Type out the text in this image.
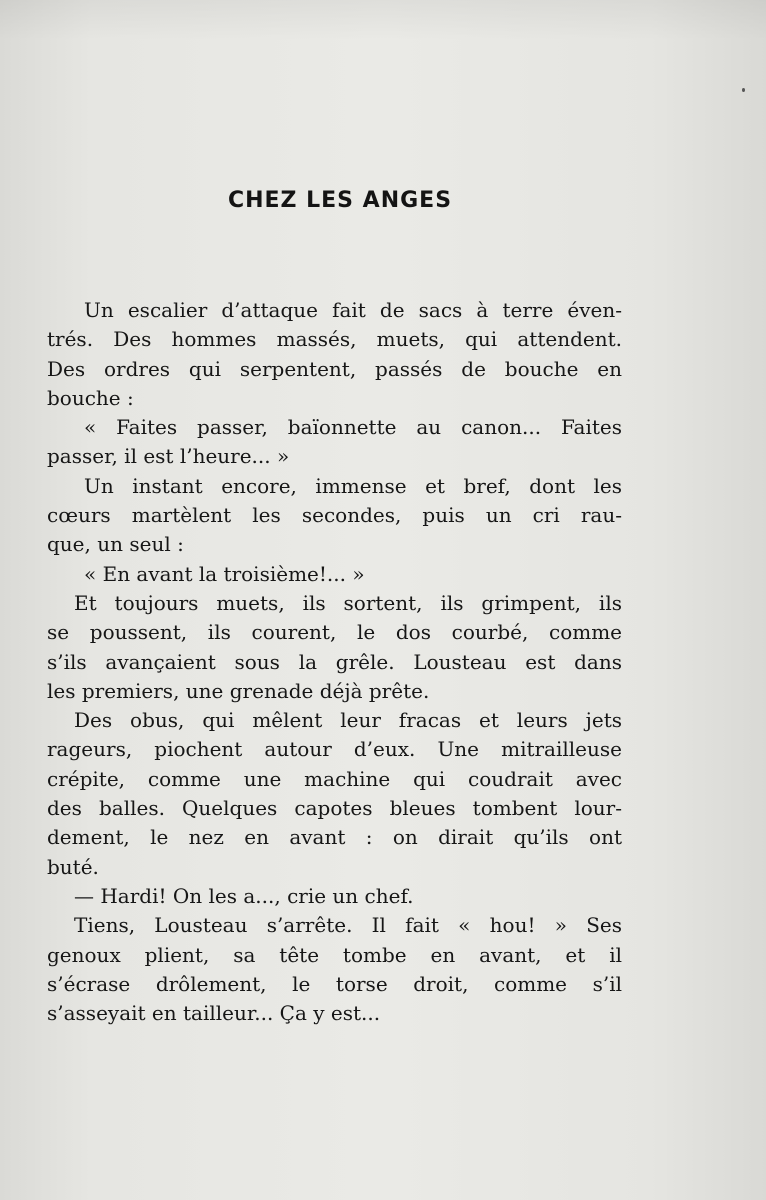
CHEZ LES ANGES
Un escalier d’attaque fait de sacs à terre éven-
trés. Des hommes massés, muets, qui attendent.
Des ordres qui serpentent, passés de bouche en
bouche :
« Faites passer, baïonnette au canon... Faites
passer, il est l’heure... »
Un instant encore, immense et bref, dont les
cœurs martèlent les secondes, puis un cri rau-
que, un seul :
« En avant la troisième!... »
Et toujours muets, ils sortent, ils grimpent, ils
se poussent, ils courent, le dos courbé, comme
s’ils avançaient sous la grêle. Lousteau est dans
les premiers, une grenade déjà prête.
Des obus, qui mêlent leur fracas et leurs jets
rageurs, piochent autour d’eux. Une mitrailleuse
crépite, comme une machine qui coudrait avec
des balles. Quelques capotes bleues tombent lour-
dement, le nez en avant : on dirait qu’ils ont
buté.
— Hardi! On les a..., crie un chef.
Tiens, Lousteau s’arrête. Il fait « hou! » Ses
genoux plient, sa tête tombe en avant, et il
s’écrase drôlement, le torse droit, comme s’il
s’asseyait en tailleur... Ça y est...
